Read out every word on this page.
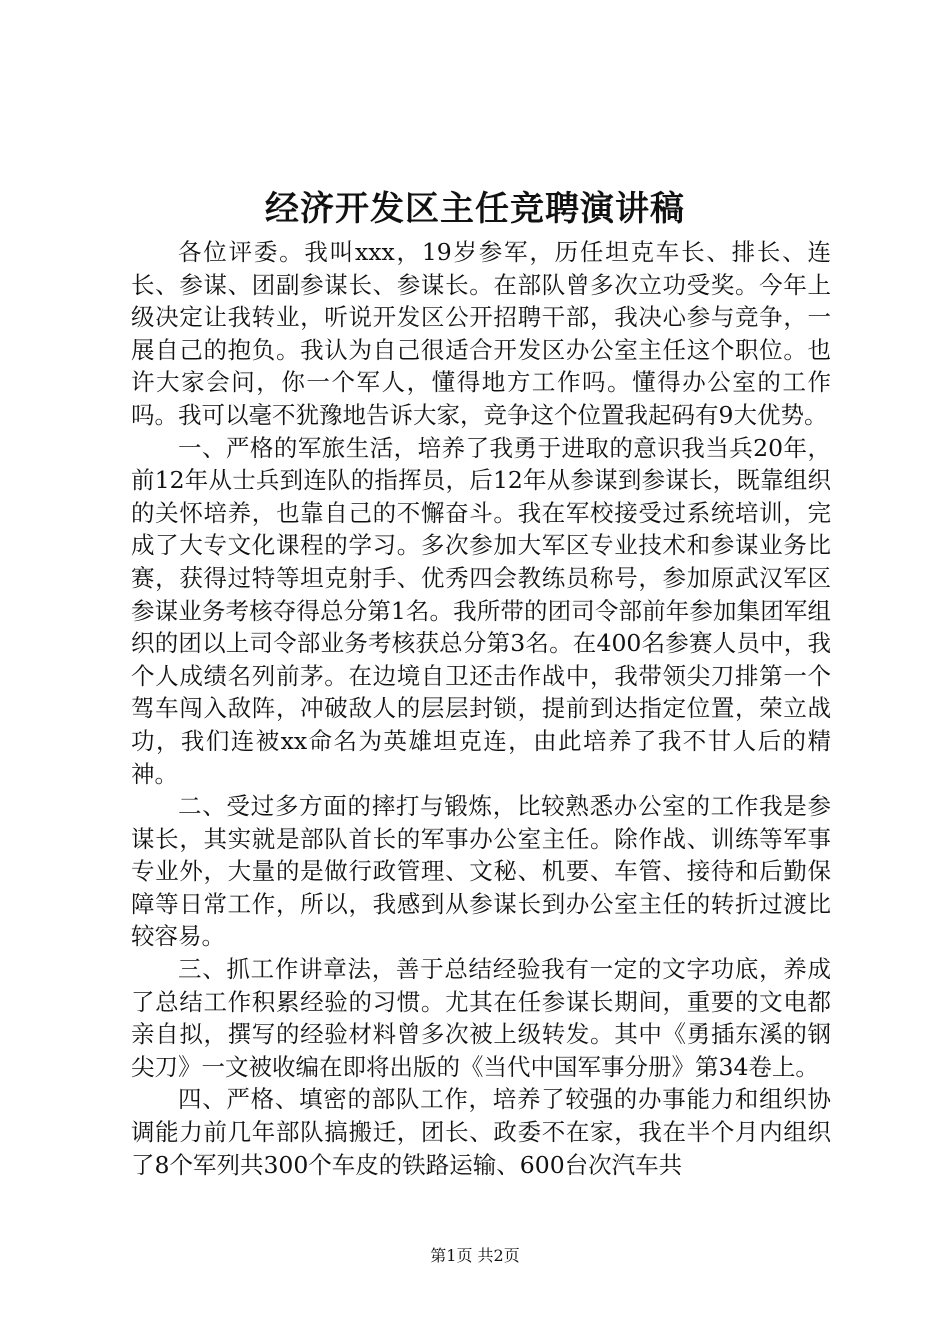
经济开发区主任竞聘演讲稿

各位评委。我叫xxx，19岁参军，历任坦克车长、排长、连长、参谋、团副参谋长、参谋长。在部队曾多次立功受奖。今年上级决定让我转业，听说开发区公开招聘干部，我决心参与竞争，一展自己的抱负。我认为自己很适合开发区办公室主任这个职位。也许大家会问，你一个军人，懂得地方工作吗。懂得办公室的工作吗。我可以毫不犹豫地告诉大家，竞争这个位置我起码有9大优势。

一、严格的军旅生活，培养了我勇于进取的意识我当兵20年，前12年从士兵到连队的指挥员，后12年从参谋到参谋长，既靠组织的关怀培养，也靠自己的不懈奋斗。我在军校接受过系统培训，完成了大专文化课程的学习。多次参加大军区专业技术和参谋业务比赛，获得过特等坦克射手、优秀四会教练员称号，参加原武汉军区参谋业务考核夺得总分第1名。我所带的团司令部前年参加集团军组织的团以上司令部业务考核获总分第3名。在400名参赛人员中，我个人成绩名列前茅。在边境自卫还击作战中，我带领尖刀排第一个驾车闯入敌阵，冲破敌人的层层封锁，提前到达指定位置，荣立战功，我们连被xx命名为英雄坦克连，由此培养了我不甘人后的精神。

二、受过多方面的摔打与锻炼，比较熟悉办公室的工作我是参谋长，其实就是部队首长的军事办公室主任。除作战、训练等军事专业外，大量的是做行政管理、文秘、机要、车管、接待和后勤保障等日常工作，所以，我感到从参谋长到办公室主任的转折过渡比较容易。

三、抓工作讲章法，善于总结经验我有一定的文字功底，养成了总结工作积累经验的习惯。尤其在任参谋长期间，重要的文电都亲自拟，撰写的经验材料曾多次被上级转发。其中《勇插东溪的钢尖刀》一文被收编在即将出版的《当代中国军事分册》第34卷上。

四、严格、填密的部队工作，培养了较强的办事能力和组织协调能力前几年部队搞搬迁，团长、政委不在家，我在半个月内组织了8个军列共300个车皮的铁路运输、600台次汽车共

第1页 共2页
